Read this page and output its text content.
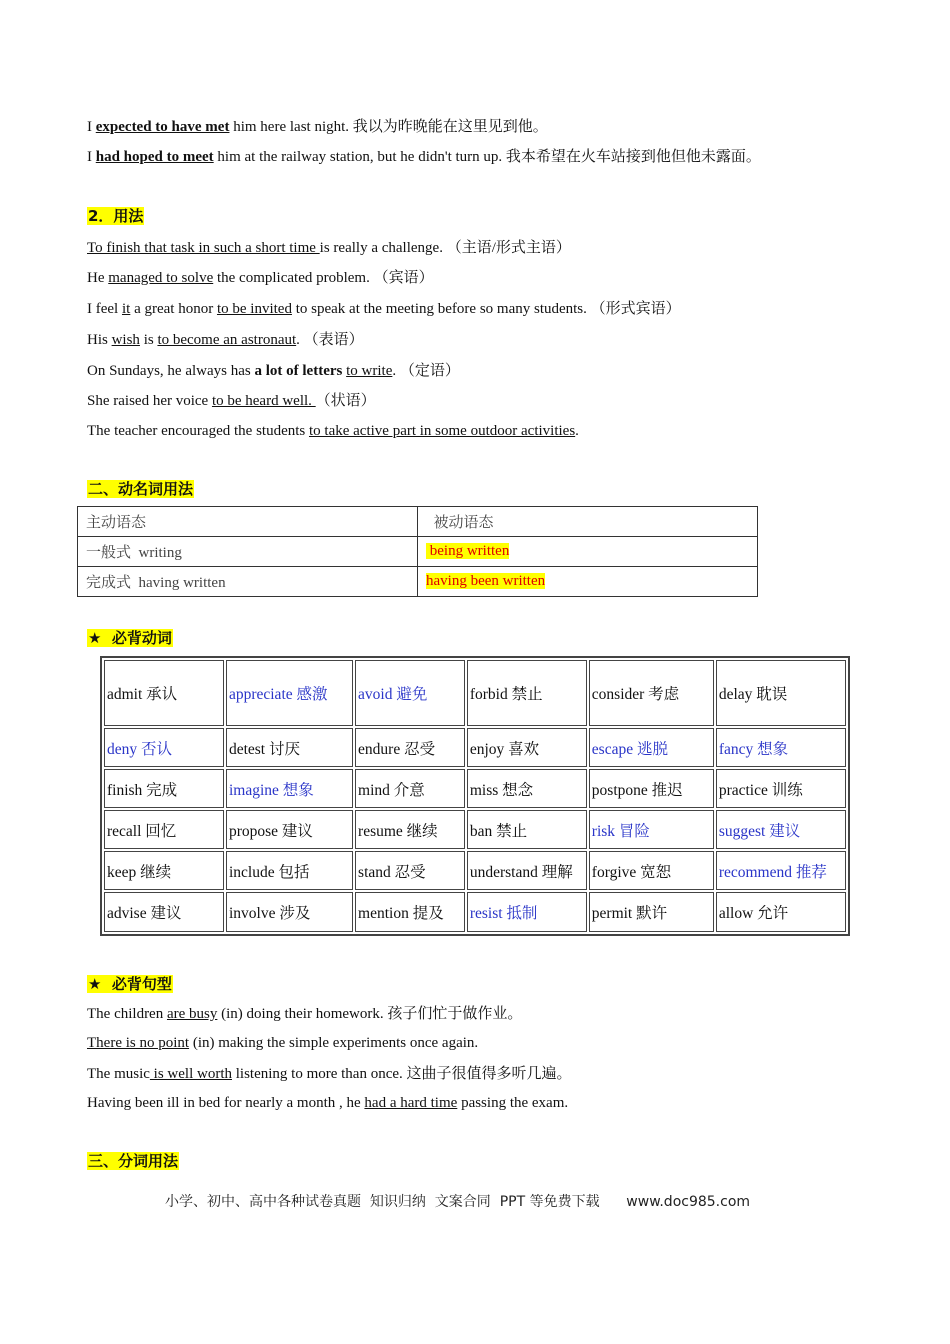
I expected to have met him here last night. 我以为昨晚能在这里见到他。
I had hoped to meet him at the railway station, but he didn't turn up. 我本希望在火车站接到他但他未露面。
2．用法
To finish that task in such a short time is really a challenge. （主语/形式主语）
He managed to solve the complicated problem. （宾语）
I feel it a great honor to be invited to speak at the meeting before so many students. （形式宾语）
His wish is to become an astronaut. （表语）
On Sundays, he always has a lot of letters to write. （定语）
She raised her voice to be heard well. （状语）
The teacher encouraged the students to take active part in some outdoor activities.
二、动名词用法
主动语态	被动语态
一般式  writing	being written
完成式  having written	having been written
★  必背动词
admit 承认	appreciate 感激	avoid 避免	forbid 禁止	consider 考虑	delay 耽误
deny 否认	detest 讨厌	endure 忍受	enjoy 喜欢	escape 逃脱	fancy 想象
finish 完成	imagine 想象	mind 介意	miss 想念	postpone 推迟	practice 训练
recall 回忆	propose 建议	resume 继续	ban 禁止	risk 冒险	suggest 建议
keep 继续	include 包括	stand 忍受	understand 理解	forgive 宽恕	recommend 推荐
advise 建议	involve 涉及	mention 提及	resist 抵制	permit 默许	allow 允许
★  必背句型
The children are busy (in) doing their homework. 孩子们忙于做作业。
There is no point (in) making the simple experiments once again.
The music is well worth listening to more than once. 这曲子很值得多听几遍。
Having been ill in bed for nearly a month , he had a hard time passing the exam.
三、分词用法
小学、初中、高中各种试卷真题  知识归纳  文案合同  PPT 等免费下载      www.doc985.com
